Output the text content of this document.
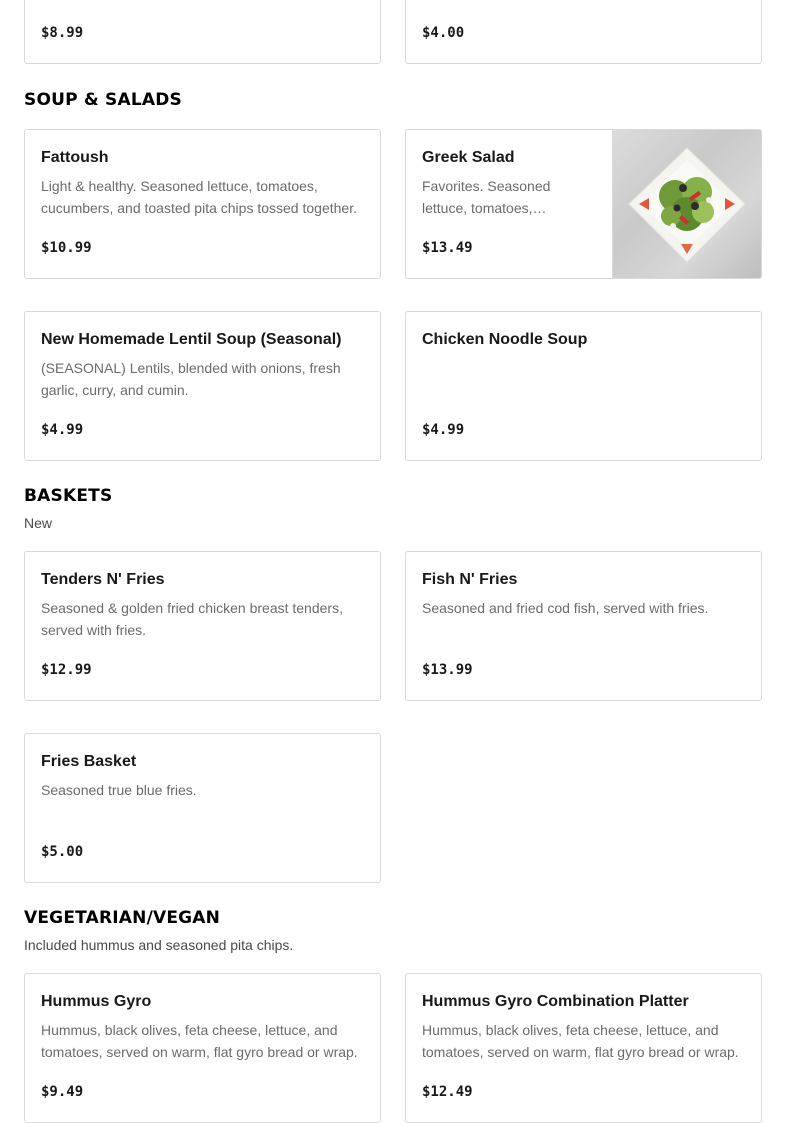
$8.99	$4.00
SOUP & SALADS
Fattoush
Light & healthy. Seasoned lettuce, tomatoes, cucumbers, and toasted pita chips tossed together.
$10.99
Greek Salad
Favorites. Seasoned lettuce, tomatoes,
$13.49
New Homemade Lentil Soup (Seasonal)
(SEASONAL) Lentils, blended with onions, fresh garlic, curry, and cumin.
$4.99
Chicken Noodle Soup
$4.99
BASKETS

New

Tenders N' Fries
Seasoned & golden fried chicken breast tenders, served with fries.
$12.99
Fish N' Fries
Seasoned and fried cod fish, served with fries.
$13.99
Fries Basket
Seasoned true blue fries.
$5.00
VEGETARIAN/VEGAN

Included hummus and seasoned pita chips.

Hummus Gyro
Hummus, black olives, feta cheese, lettuce, and tomatoes, served on warm, flat gyro bread or wrap.
$9.49
Hummus Gyro Combination Platter
Hummus, black olives, feta cheese, lettuce, and tomatoes, served on warm, flat gyro bread or wrap.
$12.49
